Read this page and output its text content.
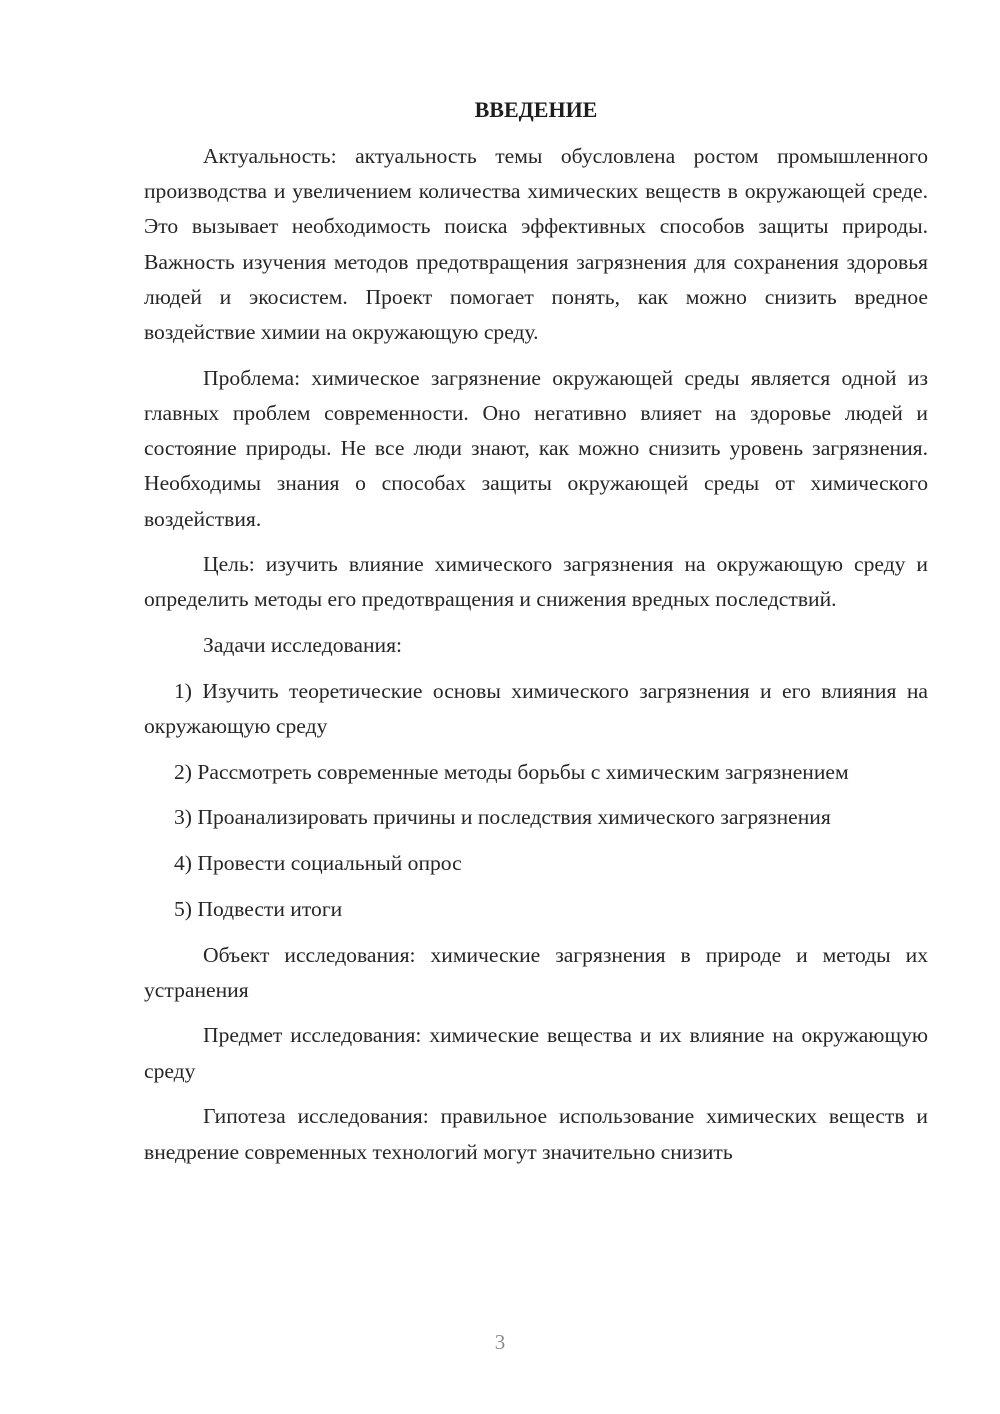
ВВЕДЕНИЕ

Актуальность: актуальность темы обусловлена ростом промышленного производства и увеличением количества химических веществ в окружающей среде. Это вызывает необходимость поиска эффективных способов защиты природы. Важность изучения методов предотвращения загрязнения для сохранения здоровья людей и экосистем. Проект помогает понять, как можно снизить вредное воздействие химии на окружающую среду.

Проблема: химическое загрязнение окружающей среды является одной из главных проблем современности. Оно негативно влияет на здоровье людей и состояние природы. Не все люди знают, как можно снизить уровень загрязнения. Необходимы знания о способах защиты окружающей среды от химического воздействия.

Цель: изучить влияние химического загрязнения на окружающую среду и определить методы его предотвращения и снижения вредных последствий.

Задачи исследования:

1) Изучить теоретические основы химического загрязнения и его влияния на окружающую среду

2) Рассмотреть современные методы борьбы с химическим загрязнением

3) Проанализировать причины и последствия химического загрязнения

4) Провести социальный опрос

5) Подвести итоги

Объект исследования: химические загрязнения в природе и методы их устранения

Предмет исследования: химические вещества и их влияние на окружающую среду

Гипотеза исследования: правильное использование химических веществ и внедрение современных технологий могут значительно снизить

3
